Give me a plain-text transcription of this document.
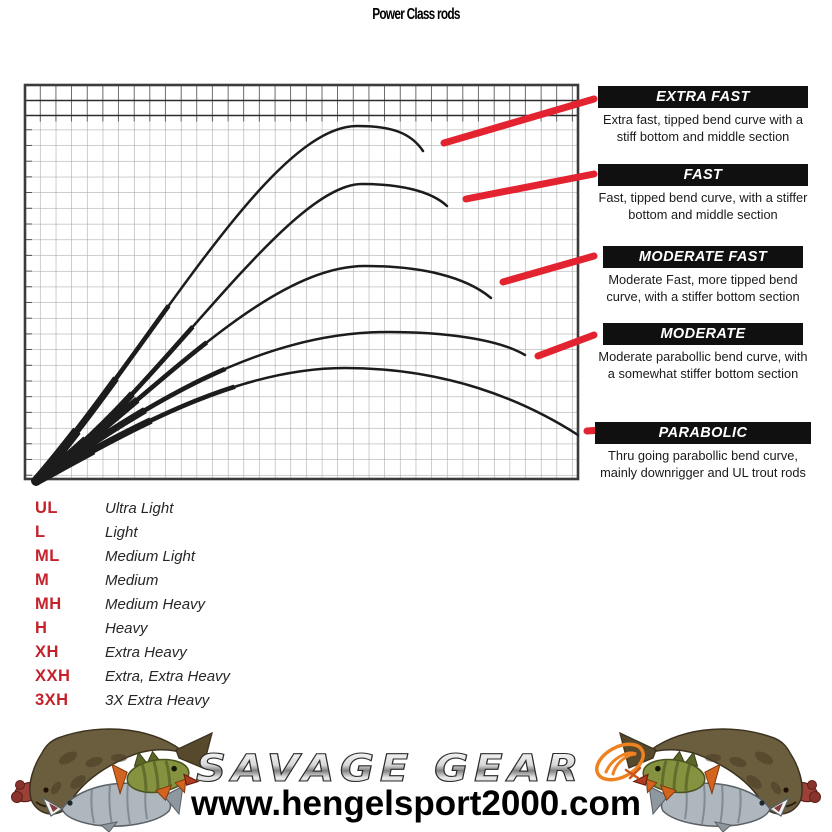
Power Class rods
EXTRA FAST
Extra fast, tipped bend curve with a stiff bottom and middle section
FAST
Fast, tipped bend curve, with a stiffer bottom and middle section
MODERATE FAST
Moderate Fast, more tipped bend curve, with a stiffer bottom section
MODERATE
Moderate parabollic bend curve, with a somewhat stiffer bottom section
PARABOLIC
Thru going parabollic bend curve, mainly downrigger and UL trout rods
UL	Ultra Light
L	Light
ML	Medium Light
M	Medium
MH	Medium Heavy
H	Heavy
XH	Extra Heavy
XXH	Extra, Extra Heavy
3XH	3X Extra Heavy
SAVAGE GEAR
www.hengelsport2000.com
